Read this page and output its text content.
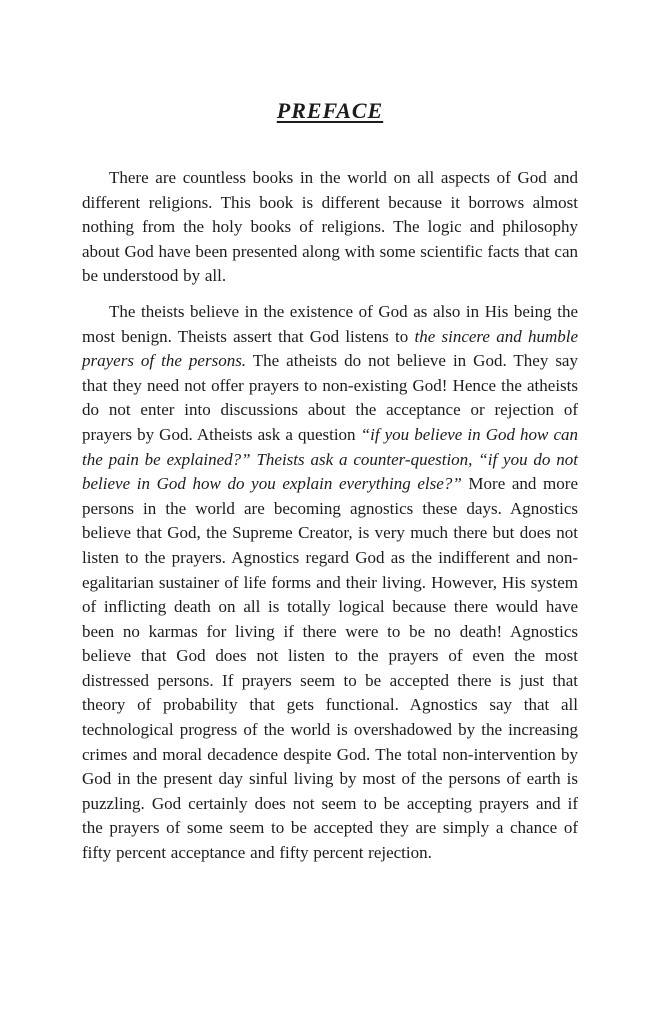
PREFACE

There are countless books in the world on all aspects of God and different religions. This book is different because it borrows almost nothing from the holy books of religions. The logic and philosophy about God have been presented along with some scientific facts that can be understood by all.

The theists believe in the existence of God as also in His being the most benign. Theists assert that God listens to the sincere and humble prayers of the persons. The atheists do not believe in God. They say that they need not offer prayers to non-existing God! Hence the atheists do not enter into discussions about the acceptance or rejection of prayers by God. Atheists ask a question “if you believe in God how can the pain be explained?” Theists ask a counter-question, “if you do not believe in God how do you explain everything else?” More and more persons in the world are becoming agnostics these days. Agnostics believe that God, the Supreme Creator, is very much there but does not listen to the prayers. Agnostics regard God as the indifferent and non-egalitarian sustainer of life forms and their living. However, His system of inflicting death on all is totally logical because there would have been no karmas for living if there were to be no death! Agnostics believe that God does not listen to the prayers of even the most distressed persons. If prayers seem to be accepted there is just that theory of probability that gets functional. Agnostics say that all technological progress of the world is overshadowed by the increasing crimes and moral decadence despite God. The total non-intervention by God in the present day sinful living by most of the persons of earth is puzzling. God certainly does not seem to be accepting prayers and if the prayers of some seem to be accepted they are simply a chance of fifty percent acceptance and fifty percent rejection.
